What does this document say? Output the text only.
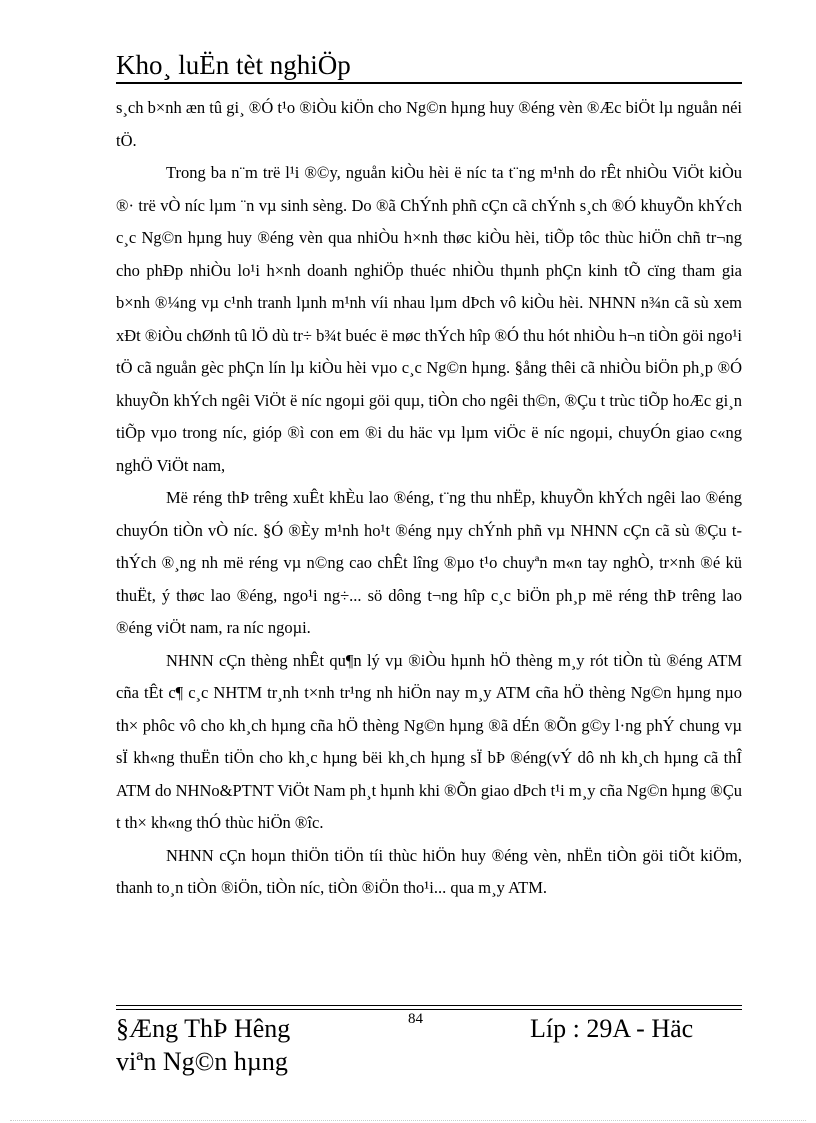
Kho¸ luËn tèt nghiÖp

s¸ch b×nh æn tû gi¸ ®Ó t¹o ®iÒu kiÖn cho Ng©n hµng huy ®éng vèn ®Æc biÖt lµ nguån néi tÖ.

Trong ba n¨m trë l¹i ®©y, nguån kiÒu hèi ë níc ta t¨ng m¹nh do rÊt nhiÒu ViÖt kiÒu ®· trë vÒ níc lµm ¨n vµ sinh sèng. Do ®ã ChÝnh phñ cÇn cã chÝnh s¸ch ®Ó khuyÕn khÝch c¸c Ng©n hµng huy ®éng vèn qua nhiÒu h×nh thøc kiÒu hèi, tiÕp tôc thùc hiÖn chñ tr¬ng cho phÐp nhiÒu lo¹i h×nh doanh nghiÖp thuéc nhiÒu thµnh phÇn kinh tÕ cïng tham gia b×nh ®¼ng vµ c¹nh tranh lµnh m¹nh víi nhau lµm dÞch vô kiÒu hèi. NHNN n¾n cã sù xem xÐt ®iÒu chØnh tû lÖ dù tr÷ b¾t buéc ë møc thÝch hîp ®Ó thu hót nhiÒu h¬n tiÒn göi ngo¹i tÖ cã nguån gèc phÇn lín lµ kiÒu hèi vµo c¸c Ng©n hµng. §ång thêi cã nhiÒu biÖn ph¸p ®Ó khuyÕn khÝch ngêi ViÖt ë níc ngoµi göi quµ, tiÒn cho ngêi th©n, ®Çu t trùc tiÕp hoÆc gi¸n tiÕp vµo trong níc, gióp ®ì con em ®i du häc vµ lµm viÖc ë níc ngoµi, chuyÓn giao c«ng nghÖ ViÖt nam,

Më réng thÞ trêng xuÊt khÈu lao ®éng, t¨ng thu nhËp, khuyÕn khÝch ngêi lao ®éng chuyÓn tiÒn vÒ níc. §Ó ®Èy m¹nh ho¹t ®éng nµy chÝnh phñ vµ NHNN cÇn cã sù ®Çu t thÝch ®¸ng nh më réng vµ n©ng cao chÊt lîng ®µo t¹o chuyªn m«n tay nghÒ, tr×nh ®é kü thuËt, ý thøc lao ®éng, ngo¹i ng÷... sö dông t¬ng hîp c¸c biÖn ph¸p më réng thÞ trêng lao ®éng viÖt nam, ra níc ngoµi.

NHNN cÇn thèng nhÊt qu¶n lý vµ ®iÒu hµnh hÖ thèng m¸y rót tiÒn tù ®éng ATM cña tÊt c¶ c¸c NHTM tr¸nh t×nh tr¹ng nh hiÖn nay m¸y ATM cña hÖ thèng Ng©n hµng nµo th× phôc vô cho kh¸ch hµng cña hÖ thèng Ng©n hµng ®ã dÉn ®Õn g©y l·ng phÝ chung vµ sÏ kh«ng thuËn tiÖn cho kh¸c hµng bëi kh¸ch hµng sÏ bÞ ®éng(vÝ dô nh kh¸ch hµng cã thÎ ATM do NHNo&PTNT ViÖt Nam ph¸t hµnh khi ®Õn giao dÞch t¹i m¸y cña Ng©n hµng ®Çu t th× kh«ng thÓ thùc hiÖn ®îc.

NHNN cÇn hoµn thiÖn tiÖn tíi thùc hiÖn huy ®éng vèn, nhËn tiÒn göi tiÕt kiÖm, thanh to¸n tiÒn ®iÖn, tiÒn níc, tiÒn ®iÖn tho¹i... qua m¸y ATM.

§Æng ThÞ Hêng viªn Ng©n hµng
84	Líp : 29A - Häc
